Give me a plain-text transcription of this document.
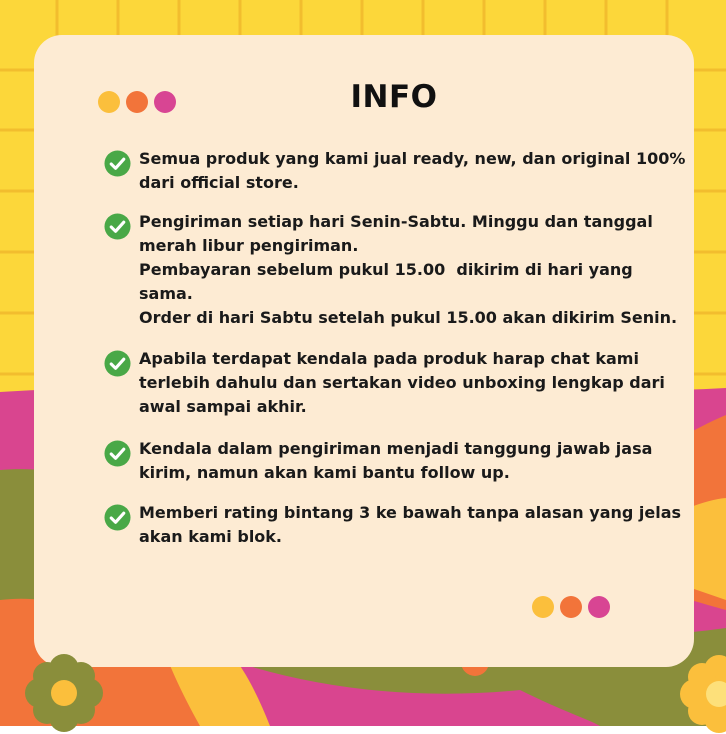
INFO
Semua produk yang kami jual ready, new, dan original 100%
dari official store.
Pengiriman setiap hari Senin-Sabtu. Minggu dan tanggal
merah libur pengiriman.
Pembayaran sebelum pukul 15.00  dikirim di hari yang
sama.
Order di hari Sabtu setelah pukul 15.00 akan dikirim Senin.
Apabila terdapat kendala pada produk harap chat kami
terlebih dahulu dan sertakan video unboxing lengkap dari
awal sampai akhir.
Kendala dalam pengiriman menjadi tanggung jawab jasa
kirim, namun akan kami bantu follow up.
Memberi rating bintang 3 ke bawah tanpa alasan yang jelas
akan kami blok.
